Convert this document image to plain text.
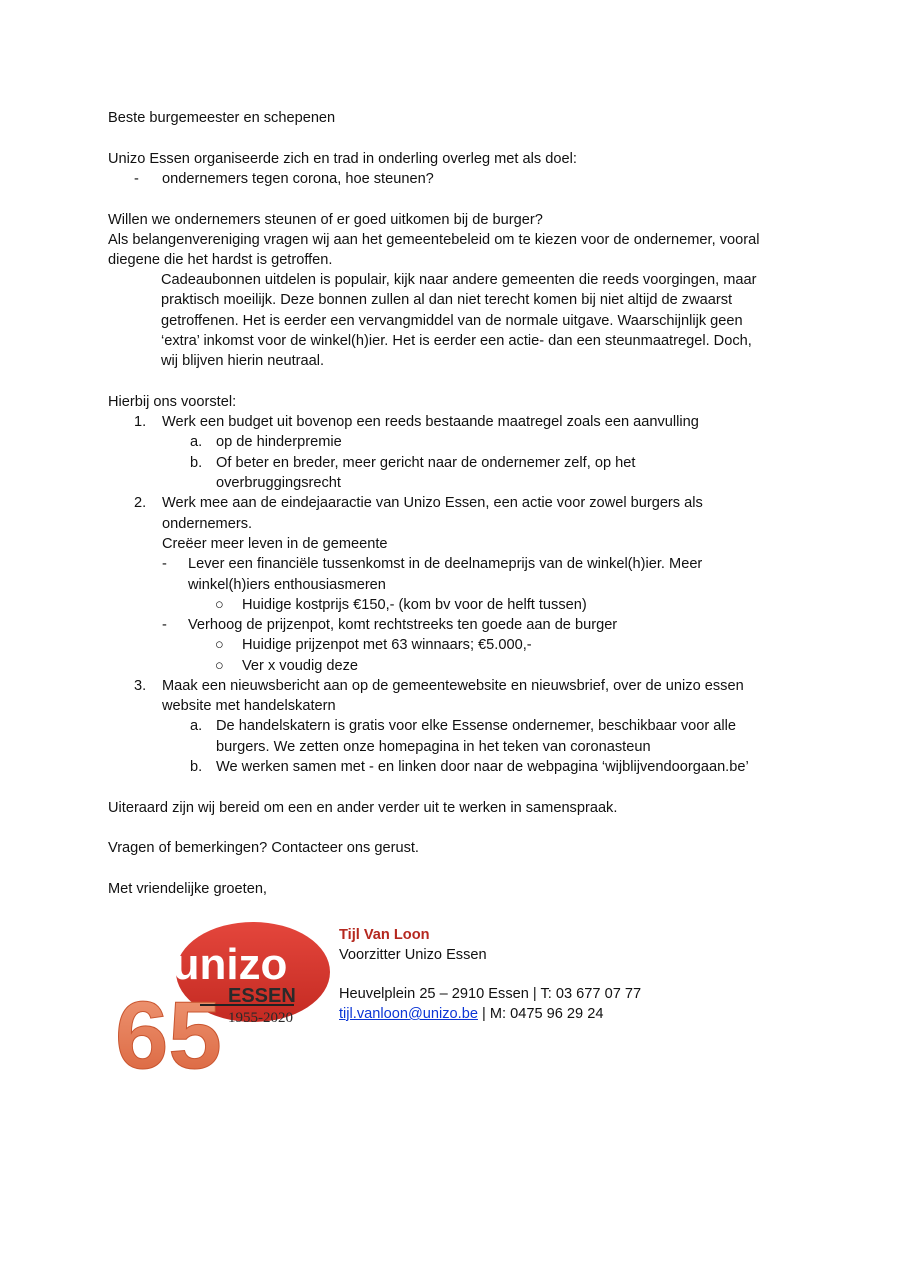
Beste burgemeester en schepenen
Unizo Essen organiseerde zich en trad in onderling overleg met als doel:
- ondernemers tegen corona, hoe steunen?
Willen we ondernemers steunen of er goed uitkomen bij de burger?
Als belangenvereniging vragen wij aan het gemeentebeleid om te kiezen voor de ondernemer, vooral
diegene die het hardst is getroffen.
Cadeaubonnen uitdelen is populair, kijk naar andere gemeenten die reeds voorgingen, maar
praktisch moeilijk. Deze bonnen zullen al dan niet terecht komen bij niet altijd de zwaarst
getroffenen. Het is eerder een vervangmiddel van de normale uitgave. Waarschijnlijk geen
‘extra’ inkomst voor de winkel(h)ier. Het is eerder een actie- dan een steunmaatregel. Doch,
wij blijven hierin neutraal.
Hierbij ons voorstel:
1. Werk een budget uit bovenop een reeds bestaande maatregel zoals een aanvulling
a. op de hinderpremie
b. Of beter en breder, meer gericht naar de ondernemer zelf, op het
overbruggingsrecht
2. Werk mee aan de eindejaaractie van Unizo Essen, een actie voor zowel burgers als
ondernemers.
Creëer meer leven in de gemeente
- Lever een financiële tussenkomst in de deelnameprijs van de winkel(h)ier. Meer
winkel(h)iers enthousiasmeren
○ Huidige kostprijs €150,- (kom bv voor de helft tussen)
- Verhoog de prijzenpot, komt rechtstreeks ten goede aan de burger
○ Huidige prijzenpot met 63 winnaars; €5.000,-
○ Ver x voudig deze
3. Maak een nieuwsbericht aan op de gemeentewebsite en nieuwsbrief, over de unizo essen
website met handelskatern
a. De handelskatern is gratis voor elke Essense ondernemer, beschikbaar voor alle
burgers. We zetten onze homepagina in het teken van coronasteun
b. We werken samen met - en linken door naar de webpagina ‘wijblijvendoorgaan.be’
Uiteraard zijn wij bereid om een en ander verder uit te werken in samenspraak.
Vragen of bemerkingen? Contacteer ons gerust.
Met vriendelijke groeten,
unizo
65 ESSEN
1955-2020
Tijl Van Loon
Voorzitter Unizo Essen
Heuvelplein 25 – 2910 Essen | T: 03 677 07 77
tijl.vanloon@unizo.be | M: 0475 96 29 24
